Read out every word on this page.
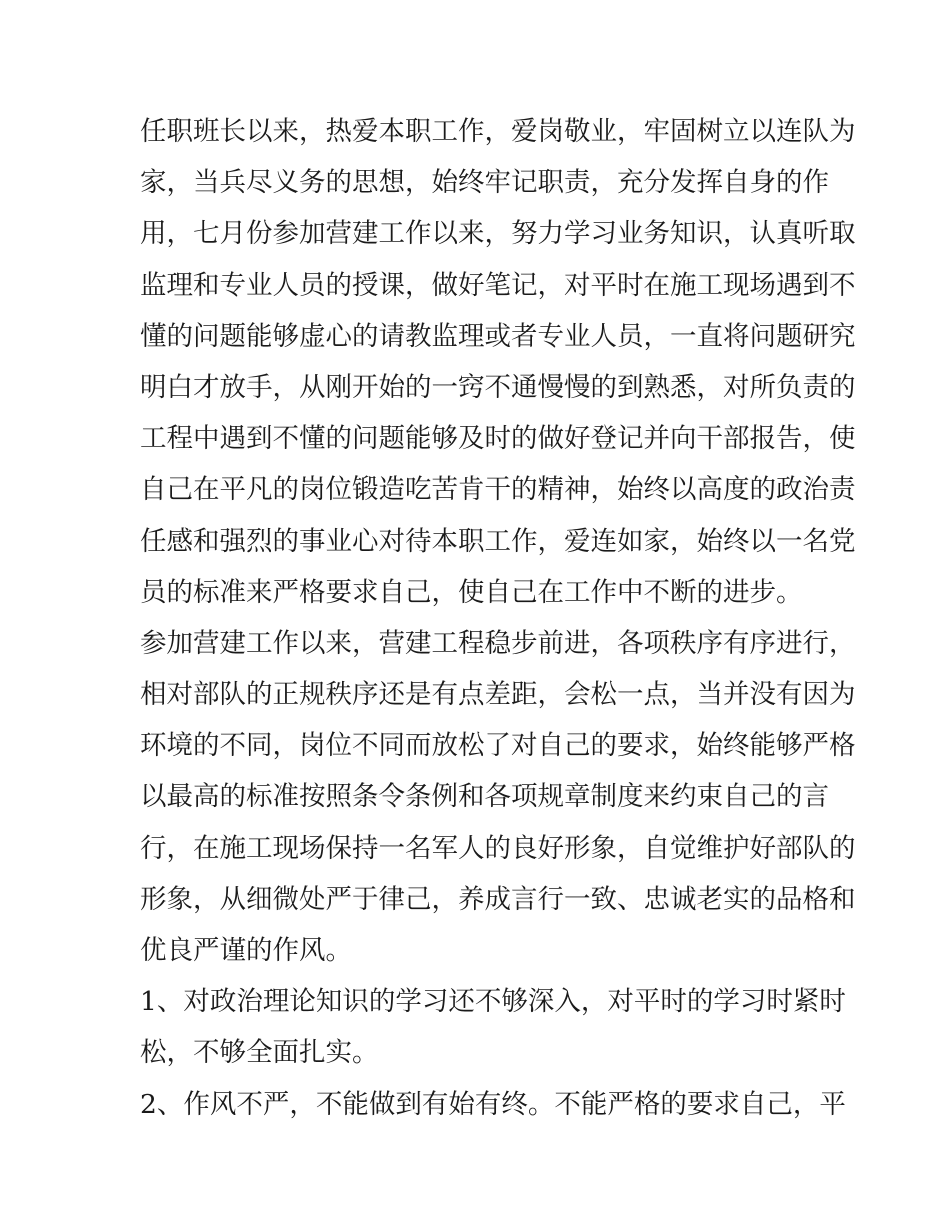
任职班长以来，热爱本职工作，爱岗敬业，牢固树立以连队为
家，当兵尽义务的思想，始终牢记职责，充分发挥自身的作
用，七月份参加营建工作以来，努力学习业务知识，认真听取
监理和专业人员的授课，做好笔记，对平时在施工现场遇到不
懂的问题能够虚心的请教监理或者专业人员，一直将问题研究
明白才放手，从刚开始的一窍不通慢慢的到熟悉，对所负责的
工程中遇到不懂的问题能够及时的做好登记并向干部报告，使
自己在平凡的岗位锻造吃苦肯干的精神，始终以高度的政治责
任感和强烈的事业心对待本职工作，爱连如家，始终以一名党
员的标准来严格要求自己，使自己在工作中不断的进步。
参加营建工作以来，营建工程稳步前进，各项秩序有序进行，
相对部队的正规秩序还是有点差距，会松一点，当并没有因为
环境的不同，岗位不同而放松了对自己的要求，始终能够严格
以最高的标准按照条令条例和各项规章制度来约束自己的言
行，在施工现场保持一名军人的良好形象，自觉维护好部队的
形象，从细微处严于律己，养成言行一致、忠诚老实的品格和
优良严谨的作风。
1、对政治理论知识的学习还不够深入，对平时的学习时紧时
松，不够全面扎实。
2、作风不严，不能做到有始有终。不能严格的要求自己，平
